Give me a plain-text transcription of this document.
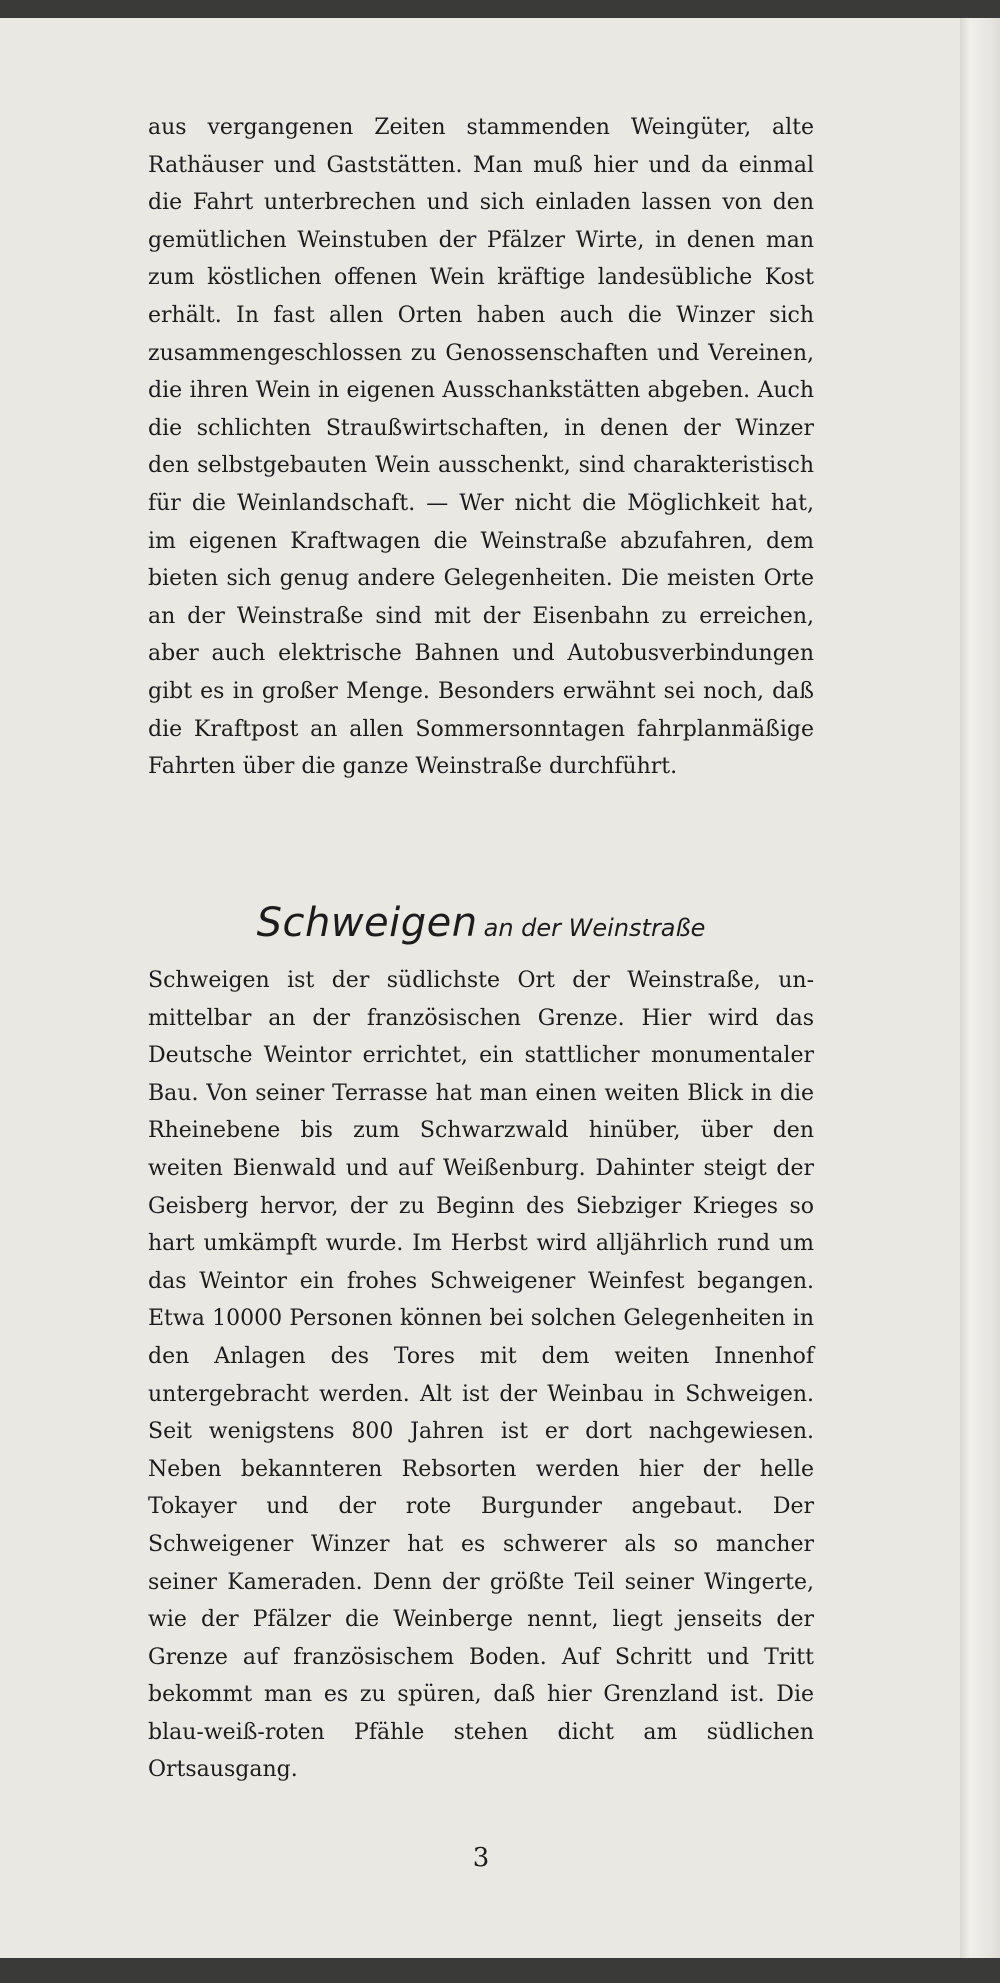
aus vergangenen Zeiten stammenden Weingüter, alte Rathäuser und Gaststätten. Man muß hier und da einmal die Fahrt unterbrechen und sich einladen lassen von den gemütlichen Weinstuben der Pfälzer Wirte, in denen man zum köstlichen offenen Wein kräftige landesübliche Kost erhält. In fast allen Orten haben auch die Winzer sich zusammengeschlossen zu Genossenschaften und Vereinen, die ihren Wein in eigenen Ausschankstätten abgeben. Auch die schlichten Straußwirtschaften, in denen der Winzer den selbstgebauten Wein ausschenkt, sind charakteristisch für die Weinlandschaft. — Wer nicht die Möglichkeit hat, im eigenen Kraftwagen die Weinstraße abzufahren, dem bieten sich genug andere Gelegenheiten. Die meisten Orte an der Weinstraße sind mit der Eisenbahn zu erreichen, aber auch elektrische Bahnen und Autobusverbindungen gibt es in großer Menge. Besonders erwähnt sei noch, daß die Kraftpost an allen Sommersonntagen fahrplanmäßige Fahrten über die ganze Weinstraße durchführt.

Schweigen an der Weinstraße

Schweigen ist der südlichste Ort der Weinstraße, unmittelbar an der französischen Grenze. Hier wird das Deutsche Weintor errichtet, ein stattlicher monumentaler Bau. Von seiner Terrasse hat man einen weiten Blick in die Rheinebene bis zum Schwarzwald hinüber, über den weiten Bienwald und auf Weißenburg. Dahinter steigt der Geisberg hervor, der zu Beginn des Siebziger Krieges so hart umkämpft wurde. Im Herbst wird alljährlich rund um das Weintor ein frohes Schweigener Weinfest begangen. Etwa 10000 Personen können bei solchen Gelegenheiten in den Anlagen des Tores mit dem weiten Innenhof untergebracht werden. Alt ist der Weinbau in Schweigen. Seit wenigstens 800 Jahren ist er dort nachgewiesen. Neben bekannteren Rebsorten werden hier der helle Tokayer und der rote Burgunder angebaut. Der Schweigener Winzer hat es schwerer als so mancher seiner Kameraden. Denn der größte Teil seiner Wingerte, wie der Pfälzer die Weinberge nennt, liegt jenseits der Grenze auf französischem Boden. Auf Schritt und Tritt bekommt man es zu spüren, daß hier Grenzland ist. Die blau-weiß-roten Pfähle stehen dicht am südlichen Ortsausgang.

3
